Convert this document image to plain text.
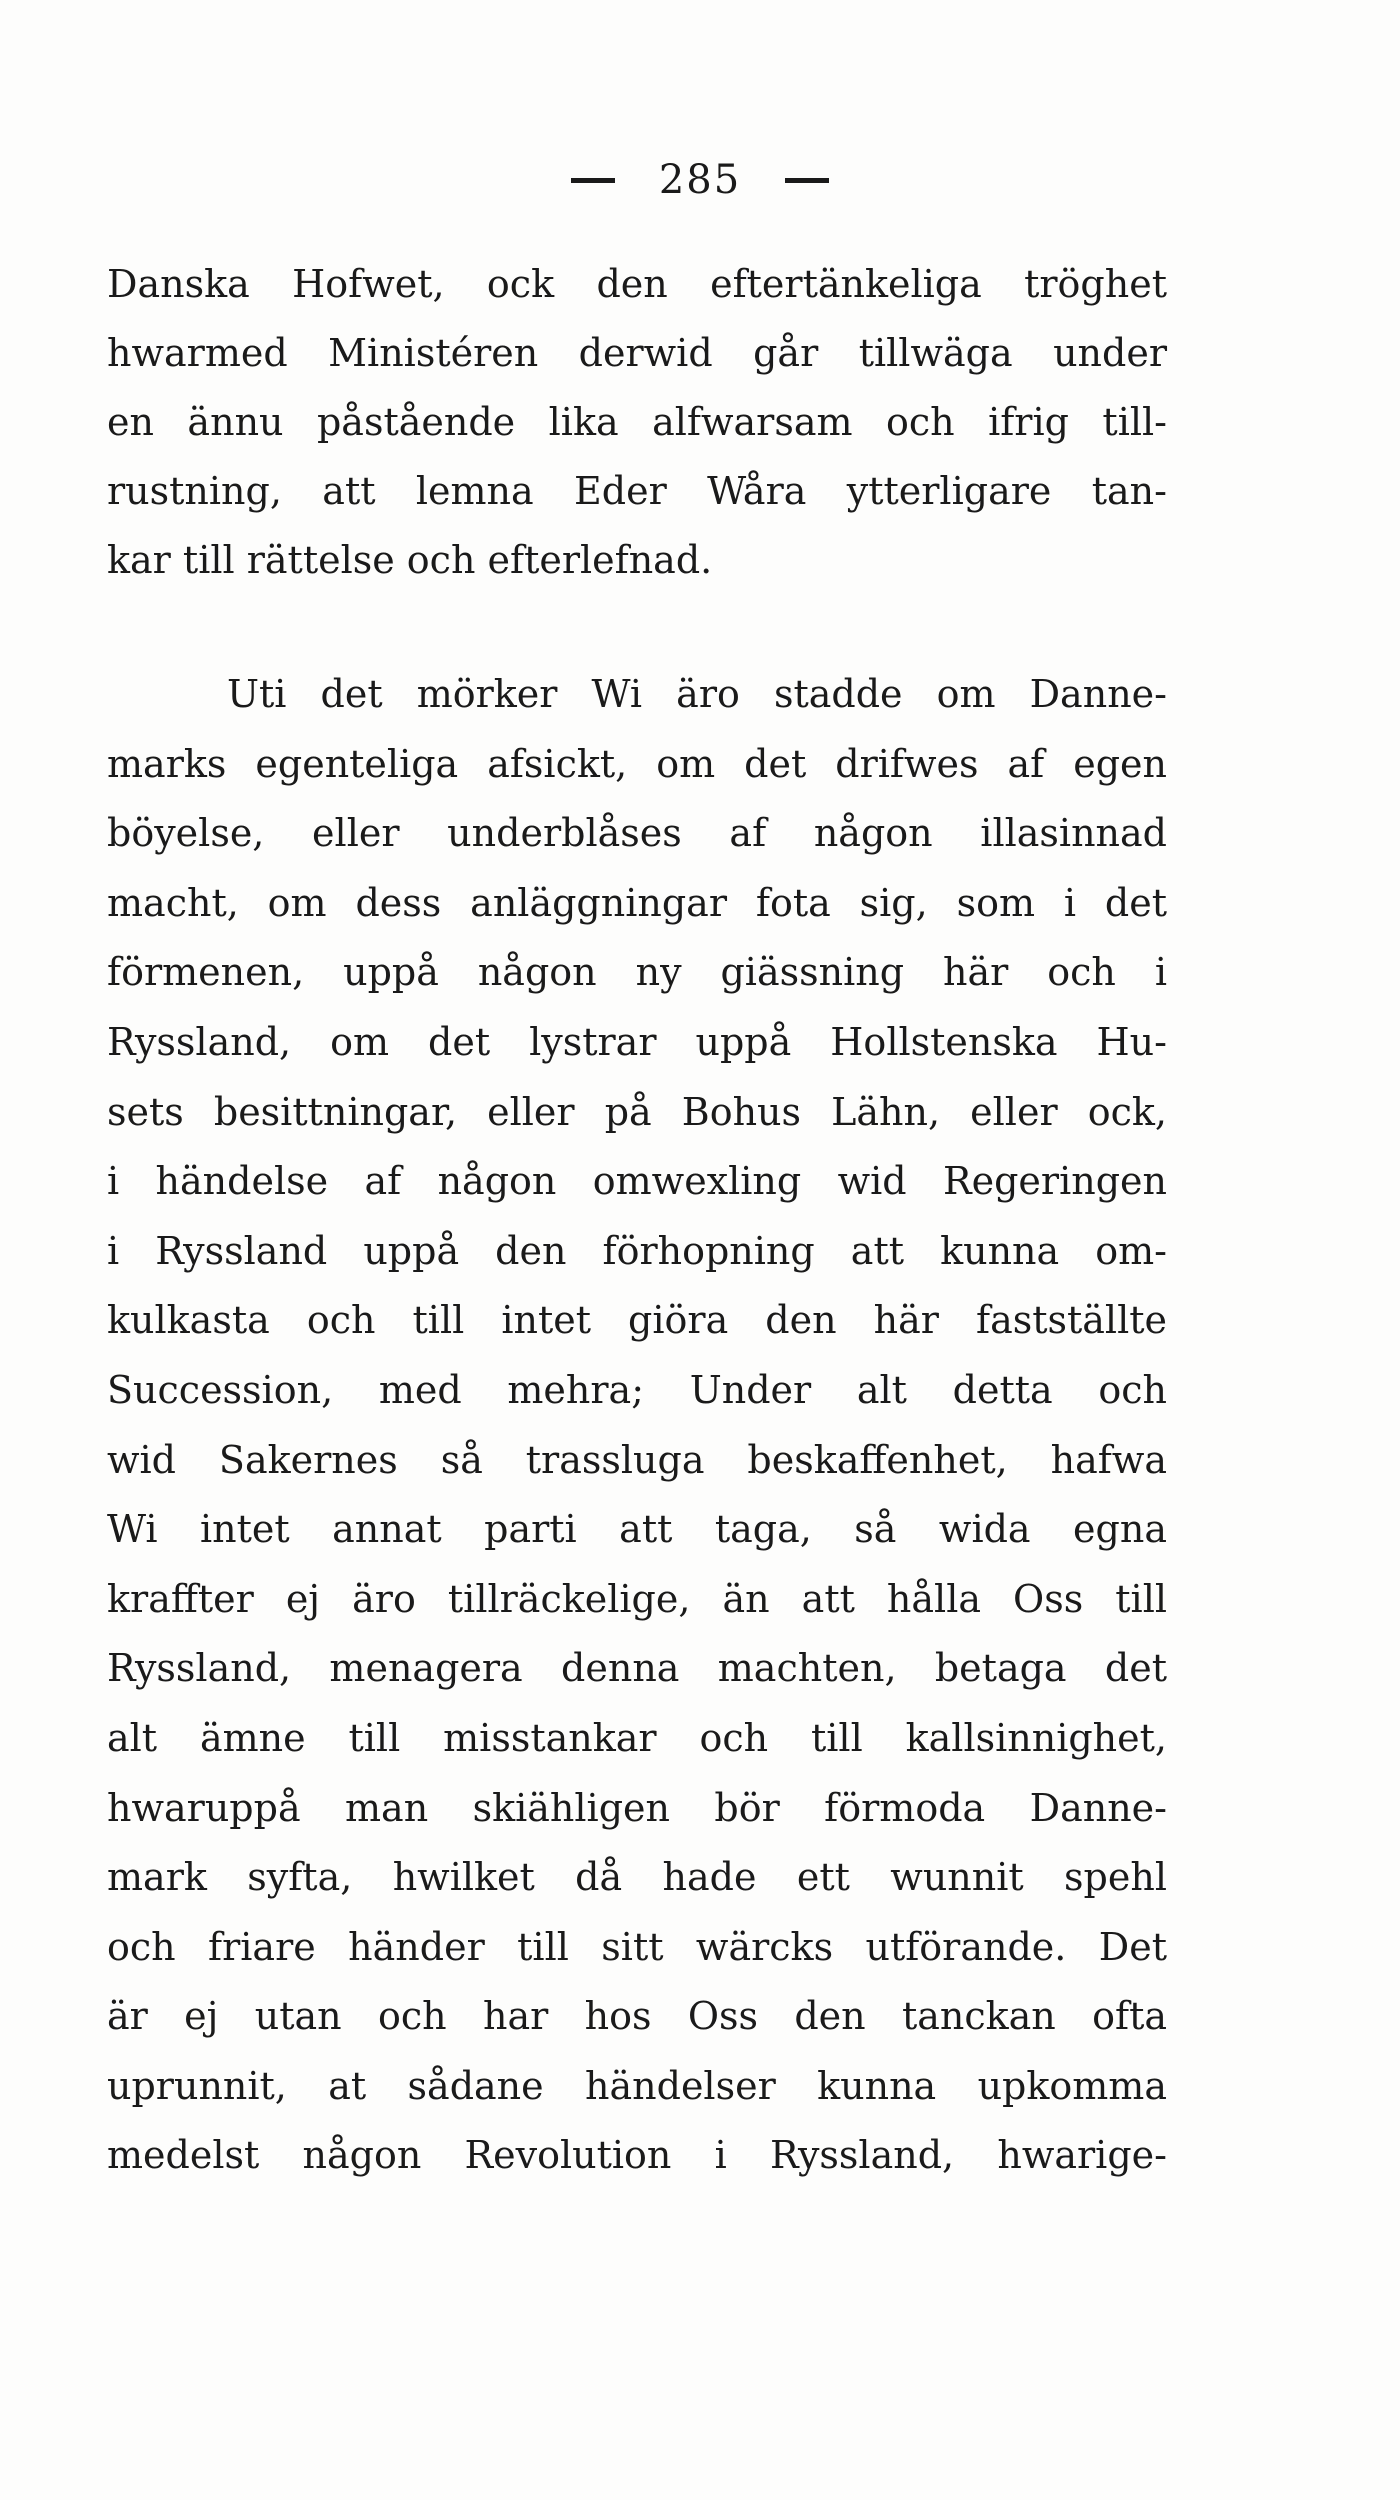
285
Danska Hofwet, ock den eftertänkeliga tröghet
hwarmed Ministéren derwid går tillwäga under
en ännu påstående lika alfwarsam och ifrig till-
rustning, att lemna Eder Wåra ytterligare tan-
kar till rättelse och efterlefnad.
Uti det mörker Wi äro stadde om Danne-
marks egenteliga afsickt, om det drifwes af egen
böyelse, eller underblåses af någon illasinnad
macht, om dess anläggningar fota sig, som i det
förmenen, uppå någon ny giässning här och i
Ryssland, om det lystrar uppå Hollstenska Hu-
sets besittningar, eller på Bohus Lähn, eller ock,
i händelse af någon omwexling wid Regeringen
i Ryssland uppå den förhopning att kunna om-
kulkasta och till intet giöra den här fastställte
Succession, med mehra; Under alt detta och
wid Sakernes så trassluga beskaffenhet, hafwa
Wi intet annat parti att taga, så wida egna
kraffter ej äro tillräckelige, än att hålla Oss till
Ryssland, menagera denna machten, betaga det
alt ämne till misstankar och till kallsinnighet,
hwaruppå man skiähligen bör förmoda Danne-
mark syfta, hwilket då hade ett wunnit spehl
och friare händer till sitt wärcks utförande. Det
är ej utan och har hos Oss den tanckan ofta
uprunnit, at sådane händelser kunna upkomma
medelst någon Revolution i Ryssland, hwarige-
